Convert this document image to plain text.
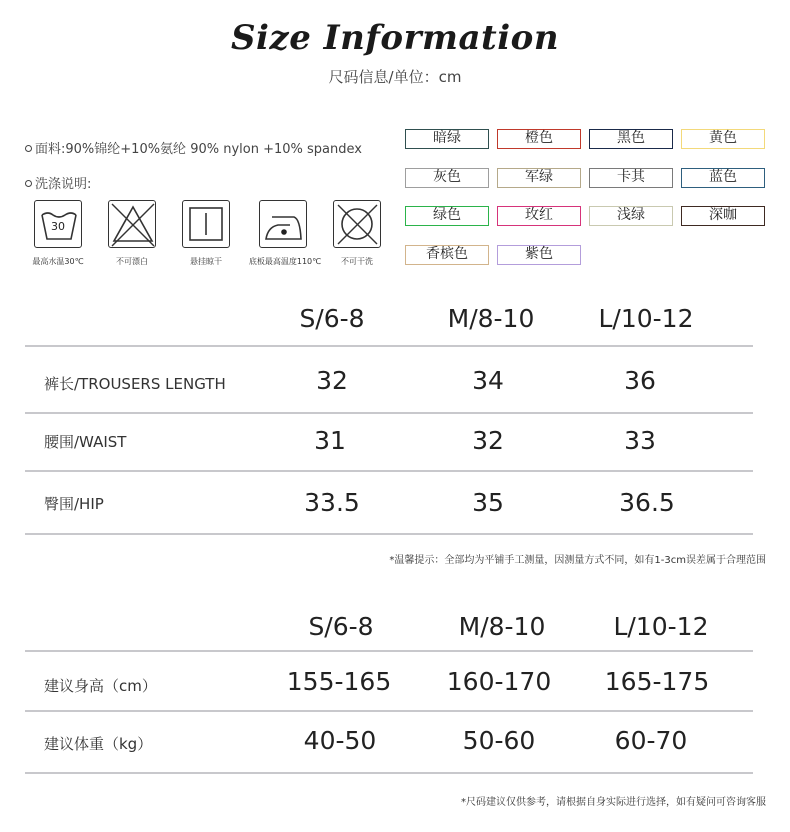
Size Information
尺码信息/单位：cm
面料:90%锦纶+10%氨纶 90% nylon +10% spandex
洗涤说明:
30
最高水温30℃	不可漂白	悬挂晾干	底板最高温度110℃	不可干洗
暗绿	橙色	黑色	黄色
灰色	军绿	卡其	蓝色
绿色	玫红	浅绿	深咖
香槟色	紫色
S/6-8	M/8-10	L/10-12
裤长/TROUSERS LENGTH	32	34	36
腰围/WAIST	31	32	33
臀围/HIP	33.5	35	36.5
*温馨提示：全部均为平铺手工测量，因测量方式不同，如有1-3cm误差属于合理范围
S/6-8	M/8-10	L/10-12
建议身高（cm）	155-165	160-170	165-175
建议体重（kg）	40-50	50-60	60-70
*尺码建议仅供参考，请根据自身实际进行选择，如有疑问可咨询客服
